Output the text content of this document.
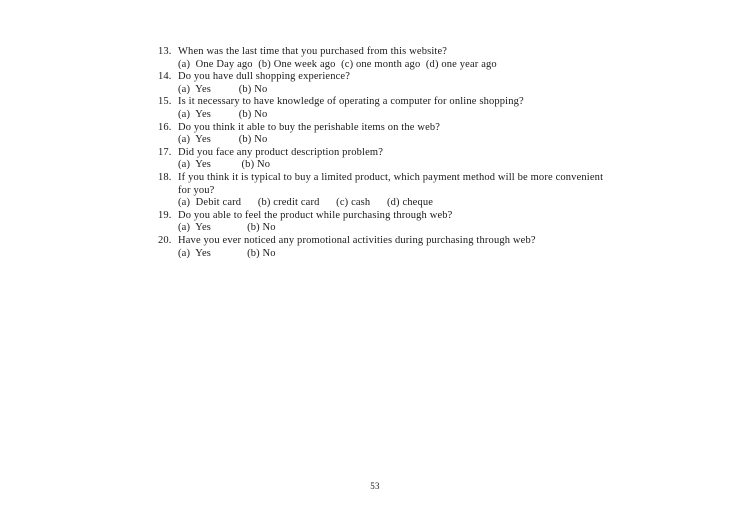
13. When was the last time that you purchased from this website?
(a)  One Day ago  (b) One week ago  (c) one month ago  (d) one year ago
14. Do you have dull shopping experience?
(a)  Yes          (b) No
15. Is it necessary to have knowledge of operating a computer for online shopping?
(a)  Yes          (b) No
16. Do you think it able to buy the perishable items on the web?
(a)  Yes          (b) No
17. Did you face any product description problem?
(a)  Yes           (b) No
18. If you think it is typical to buy a limited product, which payment method will be more convenient for you?
(a)  Debit card      (b) credit card      (c) cash      (d) cheque
19. Do you able to feel the product while purchasing through web?
(a)  Yes             (b) No
20. Have you ever noticed any promotional activities during purchasing through web?
(a)  Yes             (b) No
53
